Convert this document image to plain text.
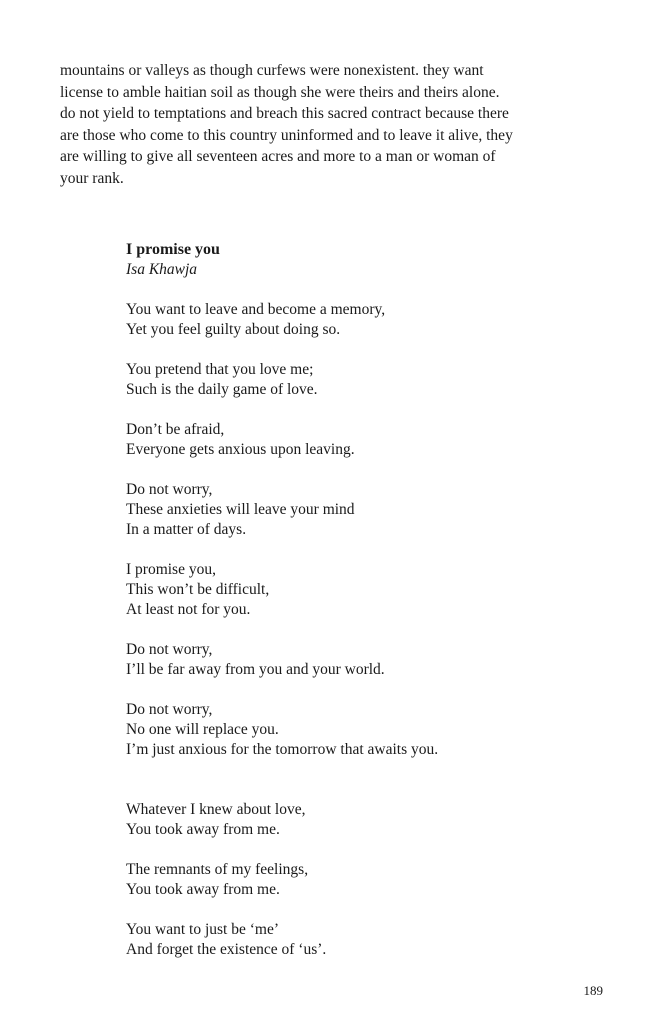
mountains or valleys as though curfews were nonexistent. they want
license to amble haitian soil as though she were theirs and theirs alone.
do not yield to temptations and breach this sacred contract because there
are those who come to this country uninformed and to leave it alive, they
are willing to give all seventeen acres and more to a man or woman of
your rank.
I promise you
Isa Khawja
You want to leave and become a memory,
Yet you feel guilty about doing so.
You pretend that you love me;
Such is the daily game of love.
Don’t be afraid,
Everyone gets anxious upon leaving.
Do not worry,
These anxieties will leave your mind
In a matter of days.
I promise you,
This won’t be difficult,
At least not for you.
Do not worry,
I’ll be far away from you and your world.
Do not worry,
No one will replace you.
I’m just anxious for the tomorrow that awaits you.
Whatever I knew about love,
You took away from me.
The remnants of my feelings,
You took away from me.
You want to just be ‘me’
And forget the existence of ‘us’.
189
